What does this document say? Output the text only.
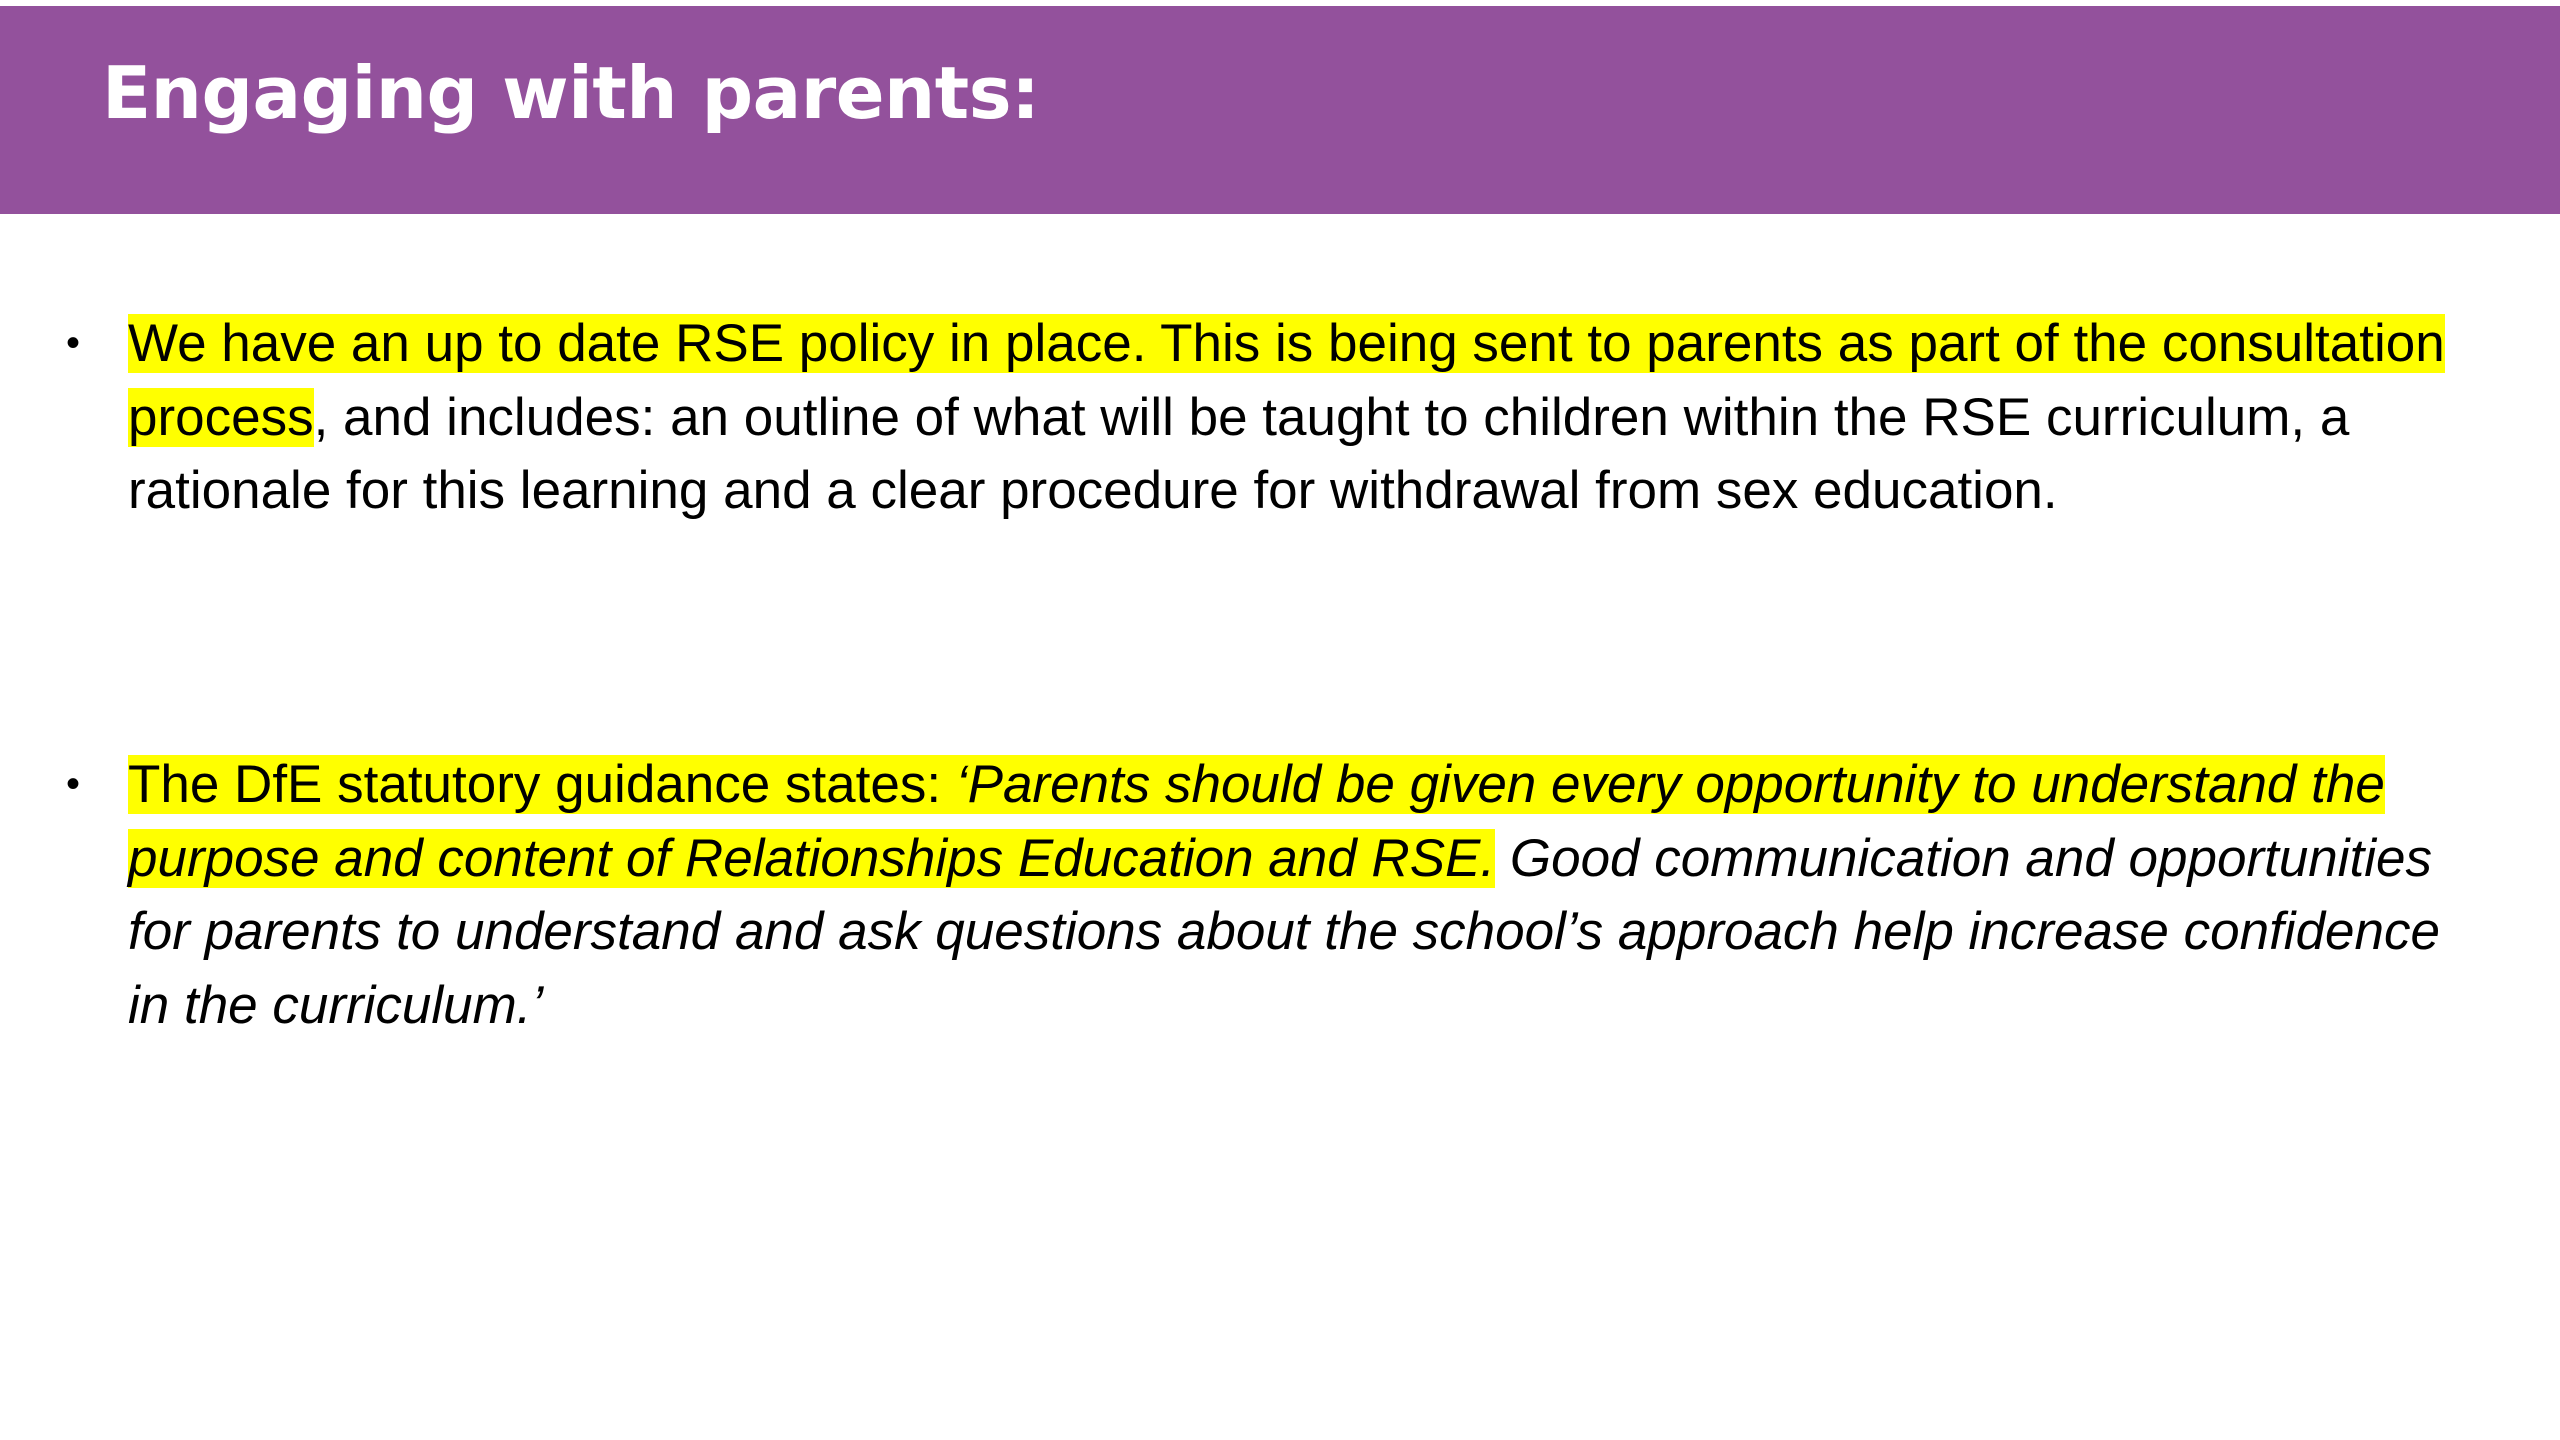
Engaging with parents:
• We have an up to date RSE policy in place. This is being sent to parents as part of the consultation process, and includes: an outline of what will be taught to children within the RSE curriculum, a rationale for this learning and a clear procedure for withdrawal from sex education.
• The DfE statutory guidance states: ‘Parents should be given every opportunity to understand the purpose and content of Relationships Education and RSE. Good communication and opportunities for parents to understand and ask questions about the school’s approach help increase confidence in the curriculum.’
